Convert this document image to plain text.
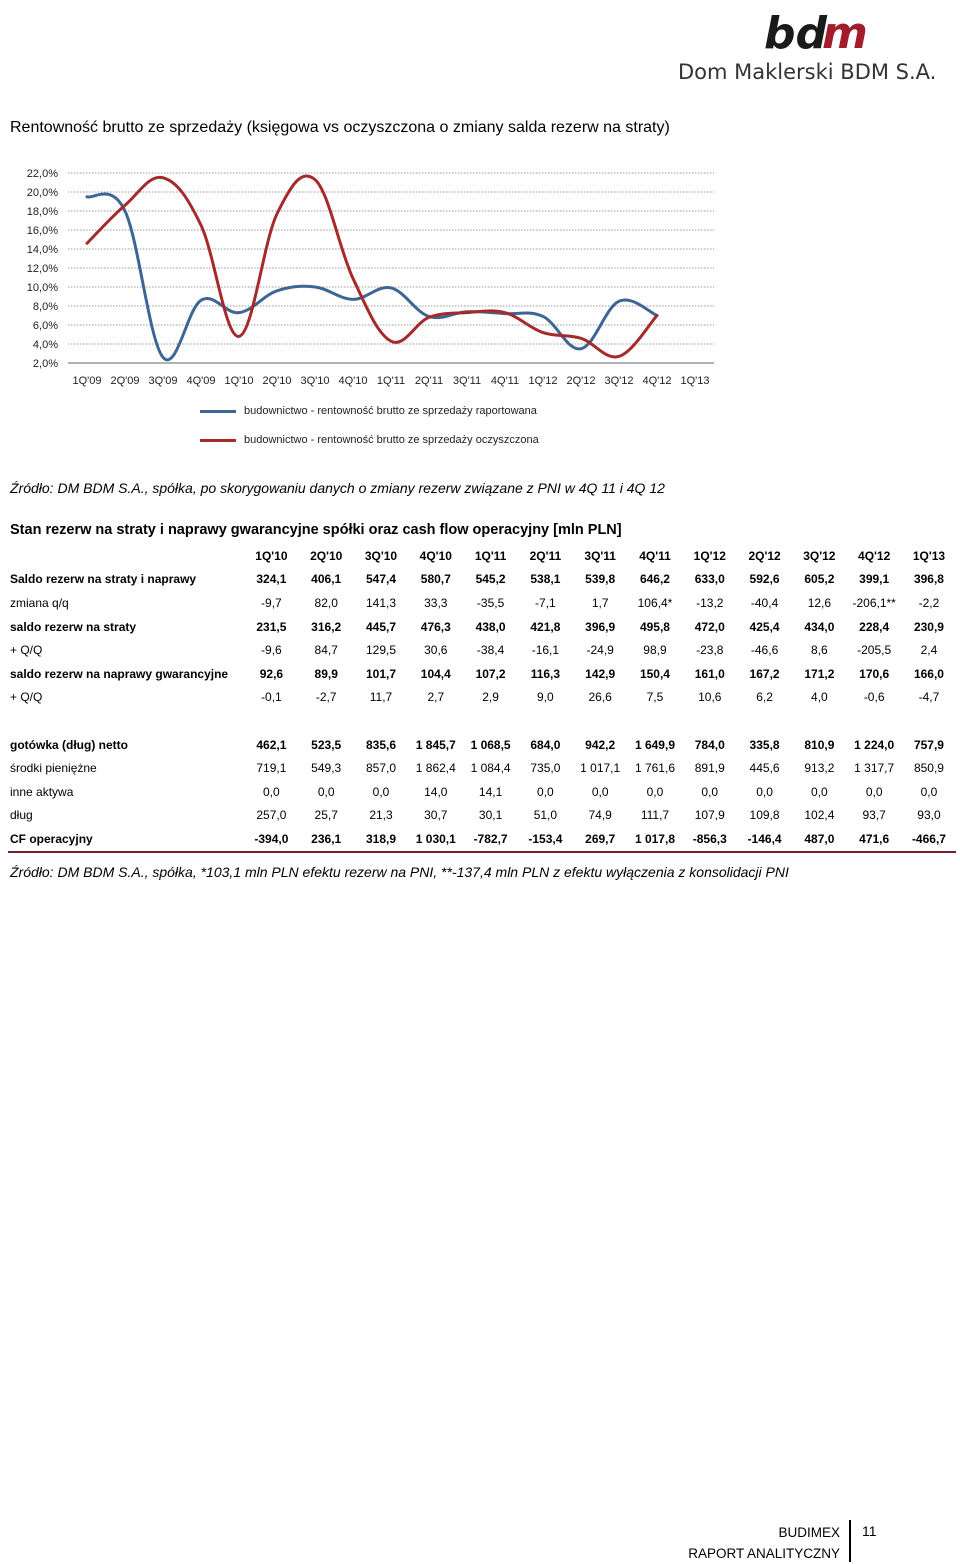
bd
m
Dom Maklerski BDM S.A.
Rentowność brutto ze sprzedaży (księgowa vs oczyszczona o zmiany salda rezerw na straty)
2,0%
4,0%
6,0%
8,0%
10,0%
12,0%
14,0%
16,0%
18,0%
20,0%
22,0%
1Q'09 2Q'09 3Q'09 4Q'09 1Q'10 2Q'10 3Q'10 4Q'10 1Q'11 2Q'11 3Q'11 4Q'11 1Q'12 2Q'12 3Q'12 4Q'12 1Q'13
budownictwo - rentowność brutto ze sprzedaży raportowana
budownictwo - rentowność brutto ze sprzedaży oczyszczona
Źródło: DM BDM S.A., spółka, po skorygowaniu danych o zmiany rezerw związane z PNI w 4Q 11 i 4Q 12
Stan rezerw na straty i naprawy gwarancyjne spółki oraz cash flow operacyjny [mln PLN]
	1Q'10	2Q'10	3Q'10	4Q'10	1Q'11	2Q'11	3Q'11	4Q'11	1Q'12	2Q'12	3Q'12	4Q'12	1Q'13
Saldo rezerw na straty i naprawy	324,1	406,1	547,4	580,7	545,2	538,1	539,8	646,2	633,0	592,6	605,2	399,1	396,8
zmiana q/q	-9,7	82,0	141,3	33,3	-35,5	-7,1	1,7	106,4*	-13,2	-40,4	12,6	-206,1**	-2,2
saldo rezerw na straty	231,5	316,2	445,7	476,3	438,0	421,8	396,9	495,8	472,0	425,4	434,0	228,4	230,9
+ Q/Q	-9,6	84,7	129,5	30,6	-38,4	-16,1	-24,9	98,9	-23,8	-46,6	8,6	-205,5	2,4
saldo rezerw na naprawy gwarancyjne	92,6	89,9	101,7	104,4	107,2	116,3	142,9	150,4	161,0	167,2	171,2	170,6	166,0
+ Q/Q	-0,1	-2,7	11,7	2,7	2,9	9,0	26,6	7,5	10,6	6,2	4,0	-0,6	-4,7

gotówka (dług) netto	462,1	523,5	835,6	1 845,7	1 068,5	684,0	942,2	1 649,9	784,0	335,8	810,9	1 224,0	757,9
środki pieniężne	719,1	549,3	857,0	1 862,4	1 084,4	735,0	1 017,1	1 761,6	891,9	445,6	913,2	1 317,7	850,9
inne aktywa	0,0	0,0	0,0	14,0	14,1	0,0	0,0	0,0	0,0	0,0	0,0	0,0	0,0
dług	257,0	25,7	21,3	30,7	30,1	51,0	74,9	111,7	107,9	109,8	102,4	93,7	93,0
CF operacyjny	-394,0	236,1	318,9	1 030,1	-782,7	-153,4	269,7	1 017,8	-856,3	-146,4	487,0	471,6	-466,7
Źródło: DM BDM S.A., spółka, *103,1 mln PLN efektu rezerw na PNI, **-137,4 mln PLN z efektu wyłączenia z konsolidacji PNI
BUDIMEX
RAPORT ANALITYCZNY
11
